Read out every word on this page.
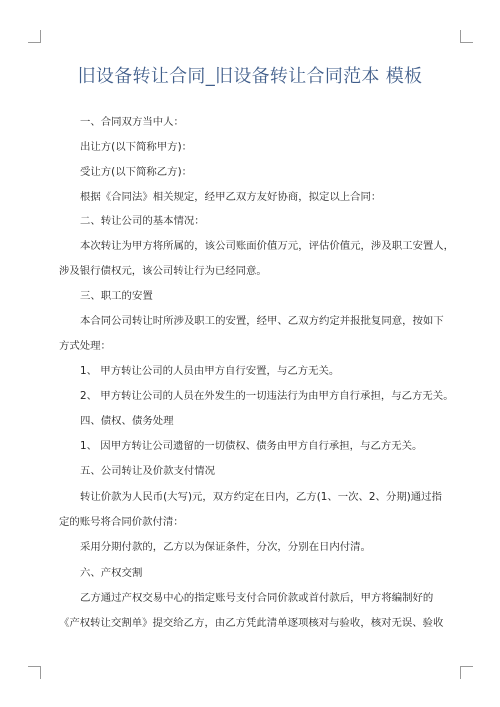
旧设备转让合同_旧设备转让合同范本 模板
一、合同双方当中人：
出让方(以下简称甲方)：
受让方(以下简称乙方)：
根据《合同法》相关规定，经甲乙双方友好协商，拟定以上合同：
二、转让公司的基本情况：
本次转让为甲方将所属的，该公司账面价值万元，评估价值元，涉及职工安置人，
涉及银行债权元，该公司转让行为已经同意。
三、职工的安置
本合同公司转让时所涉及职工的安置，经甲、乙双方约定并报批复同意，按如下
方式处理：
1、 甲方转让公司的人员由甲方自行安置，与乙方无关。
2、 甲方转让公司的人员在外发生的一切违法行为由甲方自行承担，与乙方无关。
四、债权、债务处理
1、 因甲方转让公司遗留的一切债权、债务由甲方自行承担，与乙方无关。
五、公司转让及价款支付情况
转让价款为人民币(大写)元，双方约定在日内，乙方(1、一次、2、分期)通过指
定的账号将合同价款付清：
采用分期付款的，乙方以为保证条件，分次，分别在日内付清。
六、产权交割
乙方通过产权交易中心的指定账号支付合同价款或首付款后，甲方将编制好的
《产权转让交割单》提交给乙方，由乙方凭此清单逐项核对与验收，核对无误、验收
